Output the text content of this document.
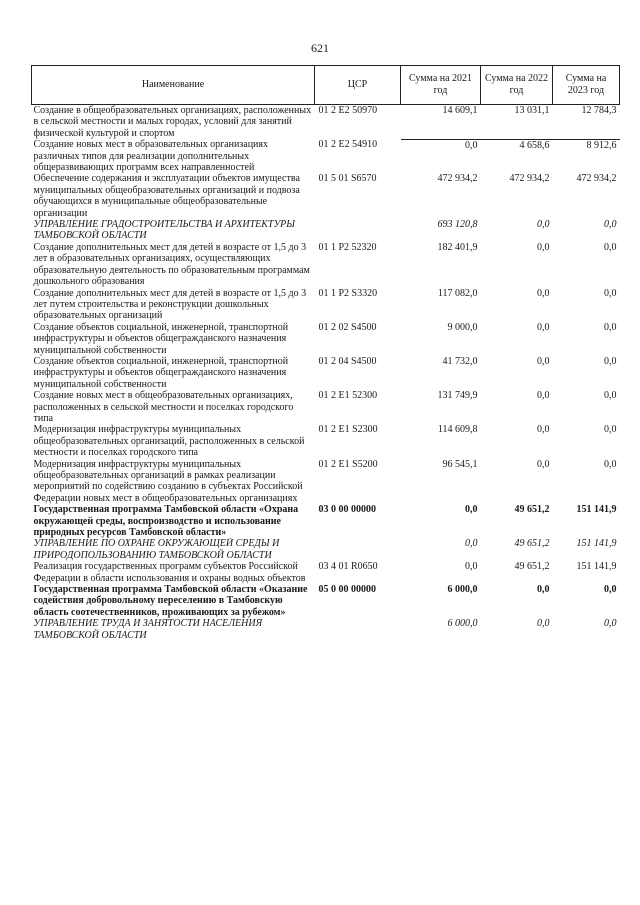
621
Наименование	ЦСР	Сумма на 2021 год	Сумма на 2022 год	Сумма на 2023 год
Создание в общеобразовательных организациях, расположенных в сельской местности и малых городах, условий для занятий физической культурой и спортом	01 2 E2 50970	14 609,1	13 031,1	12 784,3
Создание новых мест в образовательных организациях различных типов для реализации дополнительных общеразвивающих программ всех направленностей	01 2 E2 54910	0,0	4 658,6	8 912,6
Обеспечение содержания и эксплуатации объектов имущества муниципальных общеобразовательных организаций и подвоза обучающихся в муниципальные общеобразовательные организации	01 5 01 S6570	472 934,2	472 934,2	472 934,2
УПРАВЛЕНИЕ ГРАДОСТРОИТЕЛЬСТВА И АРХИТЕКТУРЫ ТАМБОВСКОЙ ОБЛАСТИ		693 120,8	0,0	0,0
Создание дополнительных мест для детей в возрасте от 1,5 до 3 лет в образовательных организациях, осуществляющих образовательную деятельность по образовательным программам дошкольного образования	01 1 P2 52320	182 401,9	0,0	0,0
Создание дополнительных мест для детей в возрасте от 1,5 до 3 лет путем строительства и реконструкции дошкольных образовательных организаций	01 1 P2 S3320	117 082,0	0,0	0,0
Создание объектов социальной, инженерной, транспортной инфраструктуры и объектов общегражданского назначения муниципальной собственности	01 2 02 S4500	9 000,0	0,0	0,0
Создание объектов социальной, инженерной, транспортной инфраструктуры и объектов общегражданского назначения муниципальной собственности	01 2 04 S4500	41 732,0	0,0	0,0
Создание новых мест в общеобразовательных организациях, расположенных в сельской местности и поселках городского типа	01 2 E1 52300	131 749,9	0,0	0,0
Модернизация инфраструктуры муниципальных общеобразовательных организаций, расположенных в сельской местности и поселках городского типа	01 2 E1 S2300	114 609,8	0,0	0,0
Модернизация инфраструктуры муниципальных общеобразовательных организаций в рамках реализации мероприятий по содействию созданию в субъектах Российской Федерации новых мест в общеобразовательных организациях	01 2 E1 S5200	96 545,1	0,0	0,0
Государственная программа Тамбовской области «Охрана окружающей среды, воспроизводство и использование природных ресурсов Тамбовской области»	03 0 00 00000	0,0	49 651,2	151 141,9
УПРАВЛЕНИЕ ПО ОХРАНЕ ОКРУЖАЮЩЕЙ СРЕДЫ И ПРИРОДОПОЛЬЗОВАНИЮ ТАМБОВСКОЙ ОБЛАСТИ		0,0	49 651,2	151 141,9
Реализация государственных программ субъектов Российской Федерации в области использования и охраны водных объектов	03 4 01 R0650	0,0	49 651,2	151 141,9
Государственная программа Тамбовской области «Оказание содействия добровольному переселению в Тамбовскую область соотечественников, проживающих за рубежом»	05 0 00 00000	6 000,0	0,0	0,0
УПРАВЛЕНИЕ ТРУДА И ЗАНЯТОСТИ НАСЕЛЕНИЯ ТАМБОВСКОЙ ОБЛАСТИ		6 000,0	0,0	0,0
